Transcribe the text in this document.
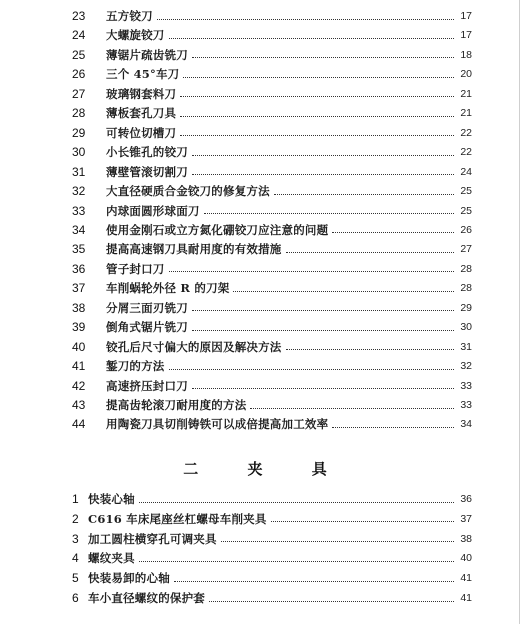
23	五方铰刀	17
24	大螺旋铰刀	17
25	薄锯片疏齿铣刀	18
26	三个 45°车刀	20
27	玻璃钢套料刀	21
28	薄板套孔刀具	21
29	可转位切槽刀	22
30	小长锥孔的铰刀	22
31	薄壁管滚切割刀	24
32	大直径硬质合金铰刀的修复方法	25
33	内球面圆形球面刀	25
34	使用金刚石或立方氮化硼铰刀应注意的问题	26
35	提高高速钢刀具耐用度的有效措施	27
36	管子封口刀	28
37	车削蜗轮外径 R 的刀架	28
38	分屑三面刃铣刀	29
39	倒角式锯片铣刀	30
40	铰孔后尺寸偏大的原因及解决方法	31
41	錾刀的方法	32
42	高速挤压封口刀	33
43	提高齿轮滚刀耐用度的方法	33
44	用陶瓷刀具切削铸铁可以成倍提高加工效率	34
二 夹 具
1 快装心轴	36
2 C616 车床尾座丝杠螺母车削夹具	37
3 加工圆柱横穿孔可调夹具	38
4 螺纹夹具	40
5 快装易卸的心轴	41
6 车小直径螺纹的保护套	41
